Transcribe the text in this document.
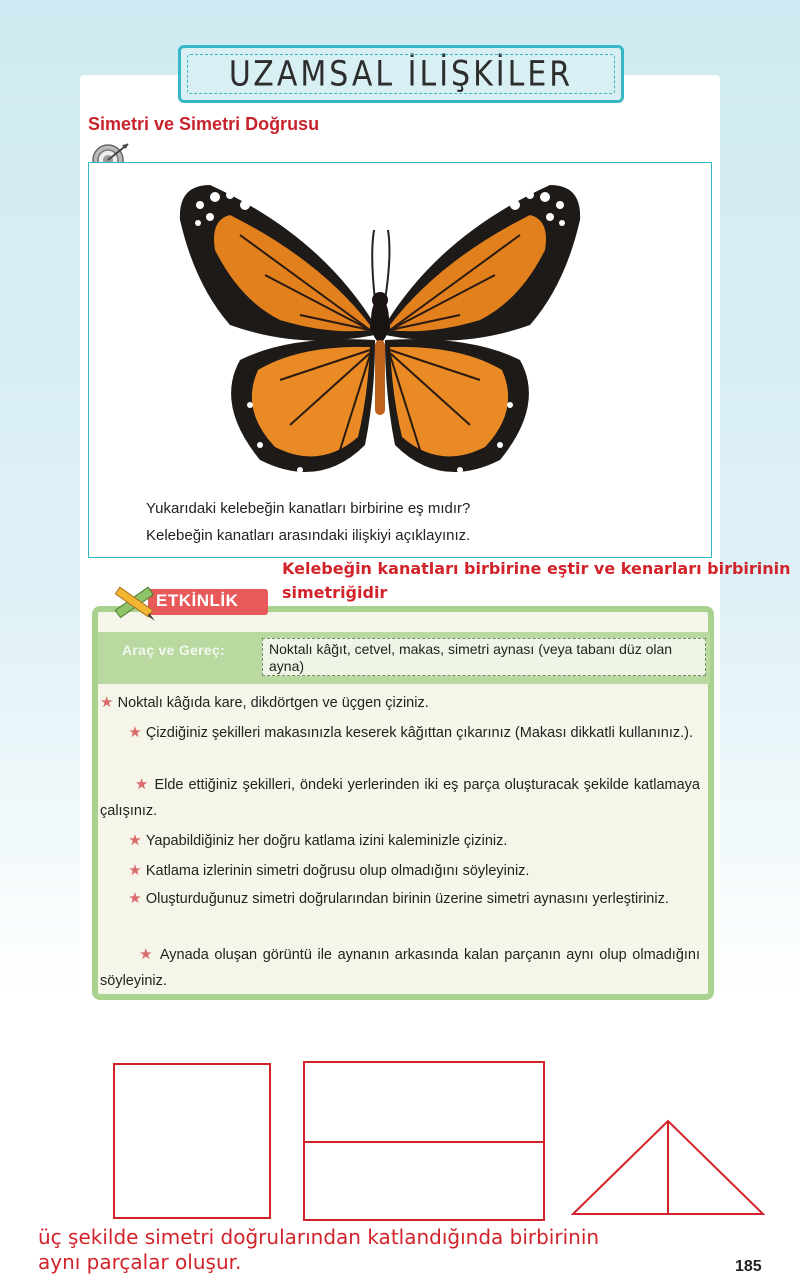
UZAMSAL İLİŞKİLER
Simetri ve Simetri Doğrusu
Yukarıdaki kelebeğin kanatları birbirine eş mıdır?
Kelebeğin kanatları arasındaki ilişkiyi açıklayınız.
Kelebeğin kanatları birbirine eştir ve kenarları birbirinin
simetriğidir
ETKİNLİK
Araç ve Gereç:	Noktalı kâğıt, cetvel, makas, simetri aynası (veya tabanı düz olan ayna)
★ Noktalı kâğıda kare, dikdörtgen ve üçgen çiziniz.
★ Çizdiğiniz şekilleri makasınızla keserek kâğıttan çıkarınız (Makası dikkatli kullanınız.).
★ Elde ettiğiniz şekilleri, öndeki yerlerinden iki eş parça oluşturacak şekilde katlamaya çalışınız.
★ Yapabildiğiniz her doğru katlama izini kaleminizle çiziniz.
★ Katlama izlerinin simetri doğrusu olup olmadığını söyleyiniz.
★ Oluşturduğunuz simetri doğrularından birinin üzerine simetri aynasını yerleştiriniz.
★ Aynada oluşan görüntü ile aynanın arkasında kalan parçanın aynı olup olmadığını söyleyiniz.
üç şekilde simetri doğrularından katlandığında birbirinin
aynı parçalar oluşur.	185
